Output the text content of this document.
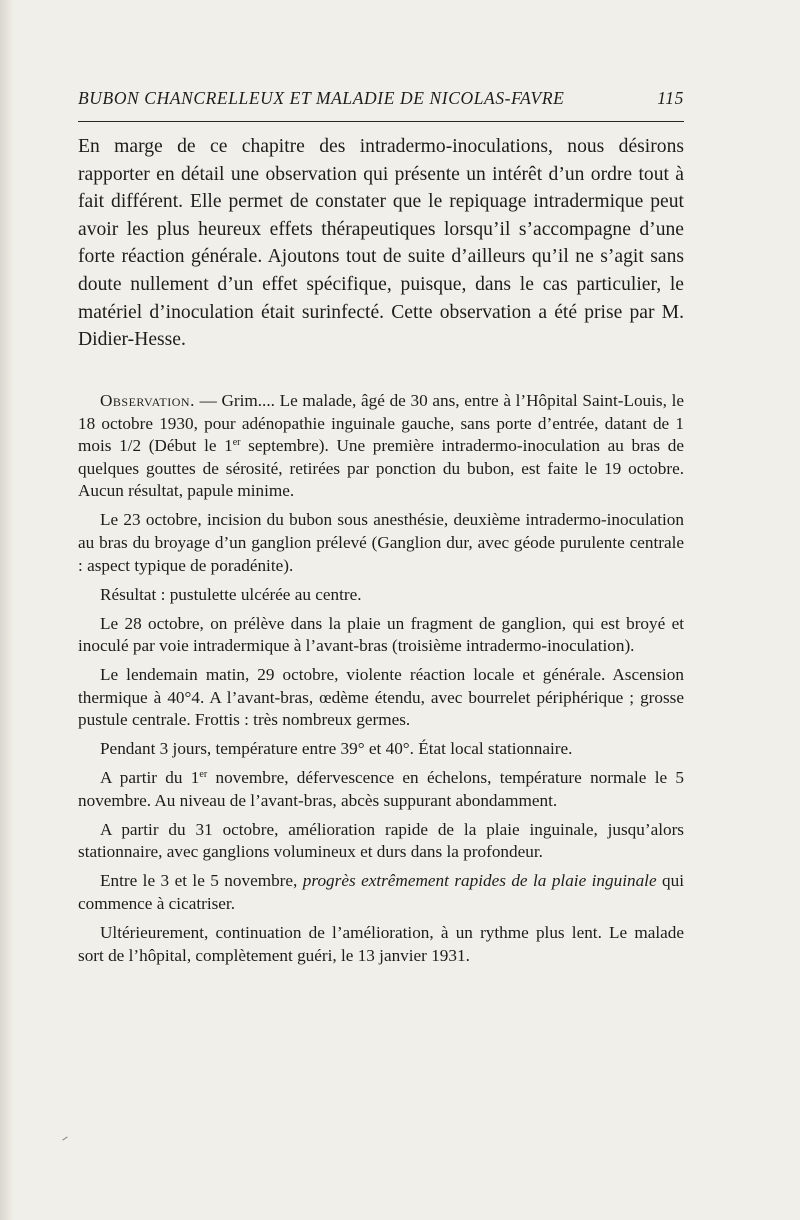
BUBON CHANCRELLEUX ET MALADIE DE NICOLAS-FAVRE	115

En marge de ce chapitre des intradermo-inoculations, nous désirons rapporter en détail une observation qui présente un intérêt d’un ordre tout à fait différent. Elle permet de constater que le repiquage intradermique peut avoir les plus heureux effets thérapeutiques lorsqu’il s’accompagne d’une forte réaction générale. Ajoutons tout de suite d’ailleurs qu’il ne s’agit sans doute nullement d’un effet spécifique, puisque, dans le cas particulier, le matériel d’inoculation était surinfecté. Cette observation a été prise par M. Didier-Hesse.

Observation. — Grim.... Le malade, âgé de 30 ans, entre à l’Hôpital Saint-Louis, le 18 octobre 1930, pour adénopathie inguinale gauche, sans porte d’entrée, datant de 1 mois 1/2 (Début le 1er septembre). Une première intradermo-inoculation au bras de quelques gouttes de sérosité, retirées par ponction du bubon, est faite le 19 octobre. Aucun résultat, papule minime.

Le 23 octobre, incision du bubon sous anesthésie, deuxième intradermo-inoculation au bras du broyage d’un ganglion prélevé (Ganglion dur, avec géode purulente centrale : aspect typique de poradénite).

Résultat : pustulette ulcérée au centre.

Le 28 octobre, on prélève dans la plaie un fragment de ganglion, qui est broyé et inoculé par voie intradermique à l’avant-bras (troisième intradermo-inoculation).

Le lendemain matin, 29 octobre, violente réaction locale et générale. Ascension thermique à 40°4. A l’avant-bras, œdème étendu, avec bourrelet périphérique ; grosse pustule centrale. Frottis : très nombreux germes.

Pendant 3 jours, température entre 39° et 40°. État local stationnaire.

A partir du 1er novembre, défervescence en échelons, température normale le 5 novembre. Au niveau de l’avant-bras, abcès suppurant abondamment.

A partir du 31 octobre, amélioration rapide de la plaie inguinale, jusqu’alors stationnaire, avec ganglions volumineux et durs dans la profondeur.

Entre le 3 et le 5 novembre, progrès extrêmement rapides de la plaie inguinale qui commence à cicatriser.

Ultérieurement, continuation de l’amélioration, à un rythme plus lent. Le malade sort de l’hôpital, complètement guéri, le 13 janvier 1931.
